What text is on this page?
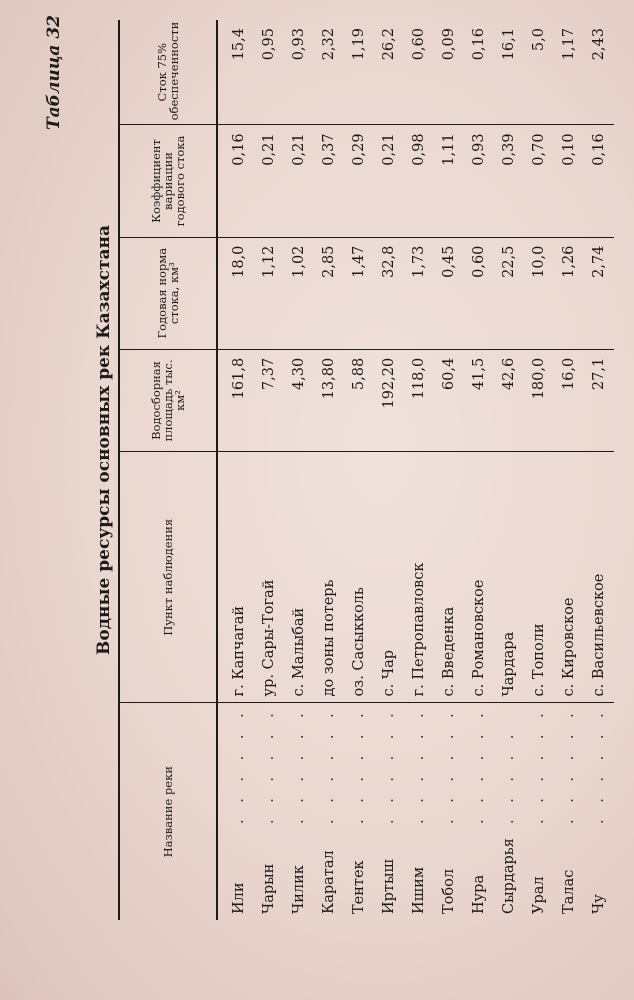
Таблица 32
Водные ресурсы основных рек Казахстана
Название реки	Пункт наблюдения	Водосборная площадь тыс. км²	Годовая норма стока, км³	Коэффициент вариации годового стока	Сток 75% обеспеченности
Или. . . . . . .	г. Капчагай	161,8	18,0	0,16	15,4
Чарын. . . . . .	ур. Сары-Тогай	7,37	1,12	0,21	0,95
Чилик. . . . . .	с. Малыбай	4,30	1,02	0,21	0,93
Каратал. . . . . .	до зоны потерь	13,80	2,85	0,37	2,32
Тентек. . . . . .	оз. Сасыкколь	5,88	1,47	0,29	1,19
Иртыш. . . . . .	с. Чар	192,20	32,8	0,21	26,2
Ишим. . . . . .	г. Петропавловск	118,0	1,73	0,98	0,60
Тобол. . . . . .	с. Введенка	60,4	0,45	1,11	0,09
Нура. . . . . .	с. Романовское	41,5	0,60	0,93	0,16
Сырдарья. . . . .	Чардара	42,6	22,5	0,39	16,1
Урал. . . . . . .	с. Тополи	180,0	10,0	0,70	5,0
Талас. . . . . .	с. Кировское	16,0	1,26	0,10	1,17
Чу. . . . . . . .	с. Васильевское	27,1	2,74	0,16	2,43
